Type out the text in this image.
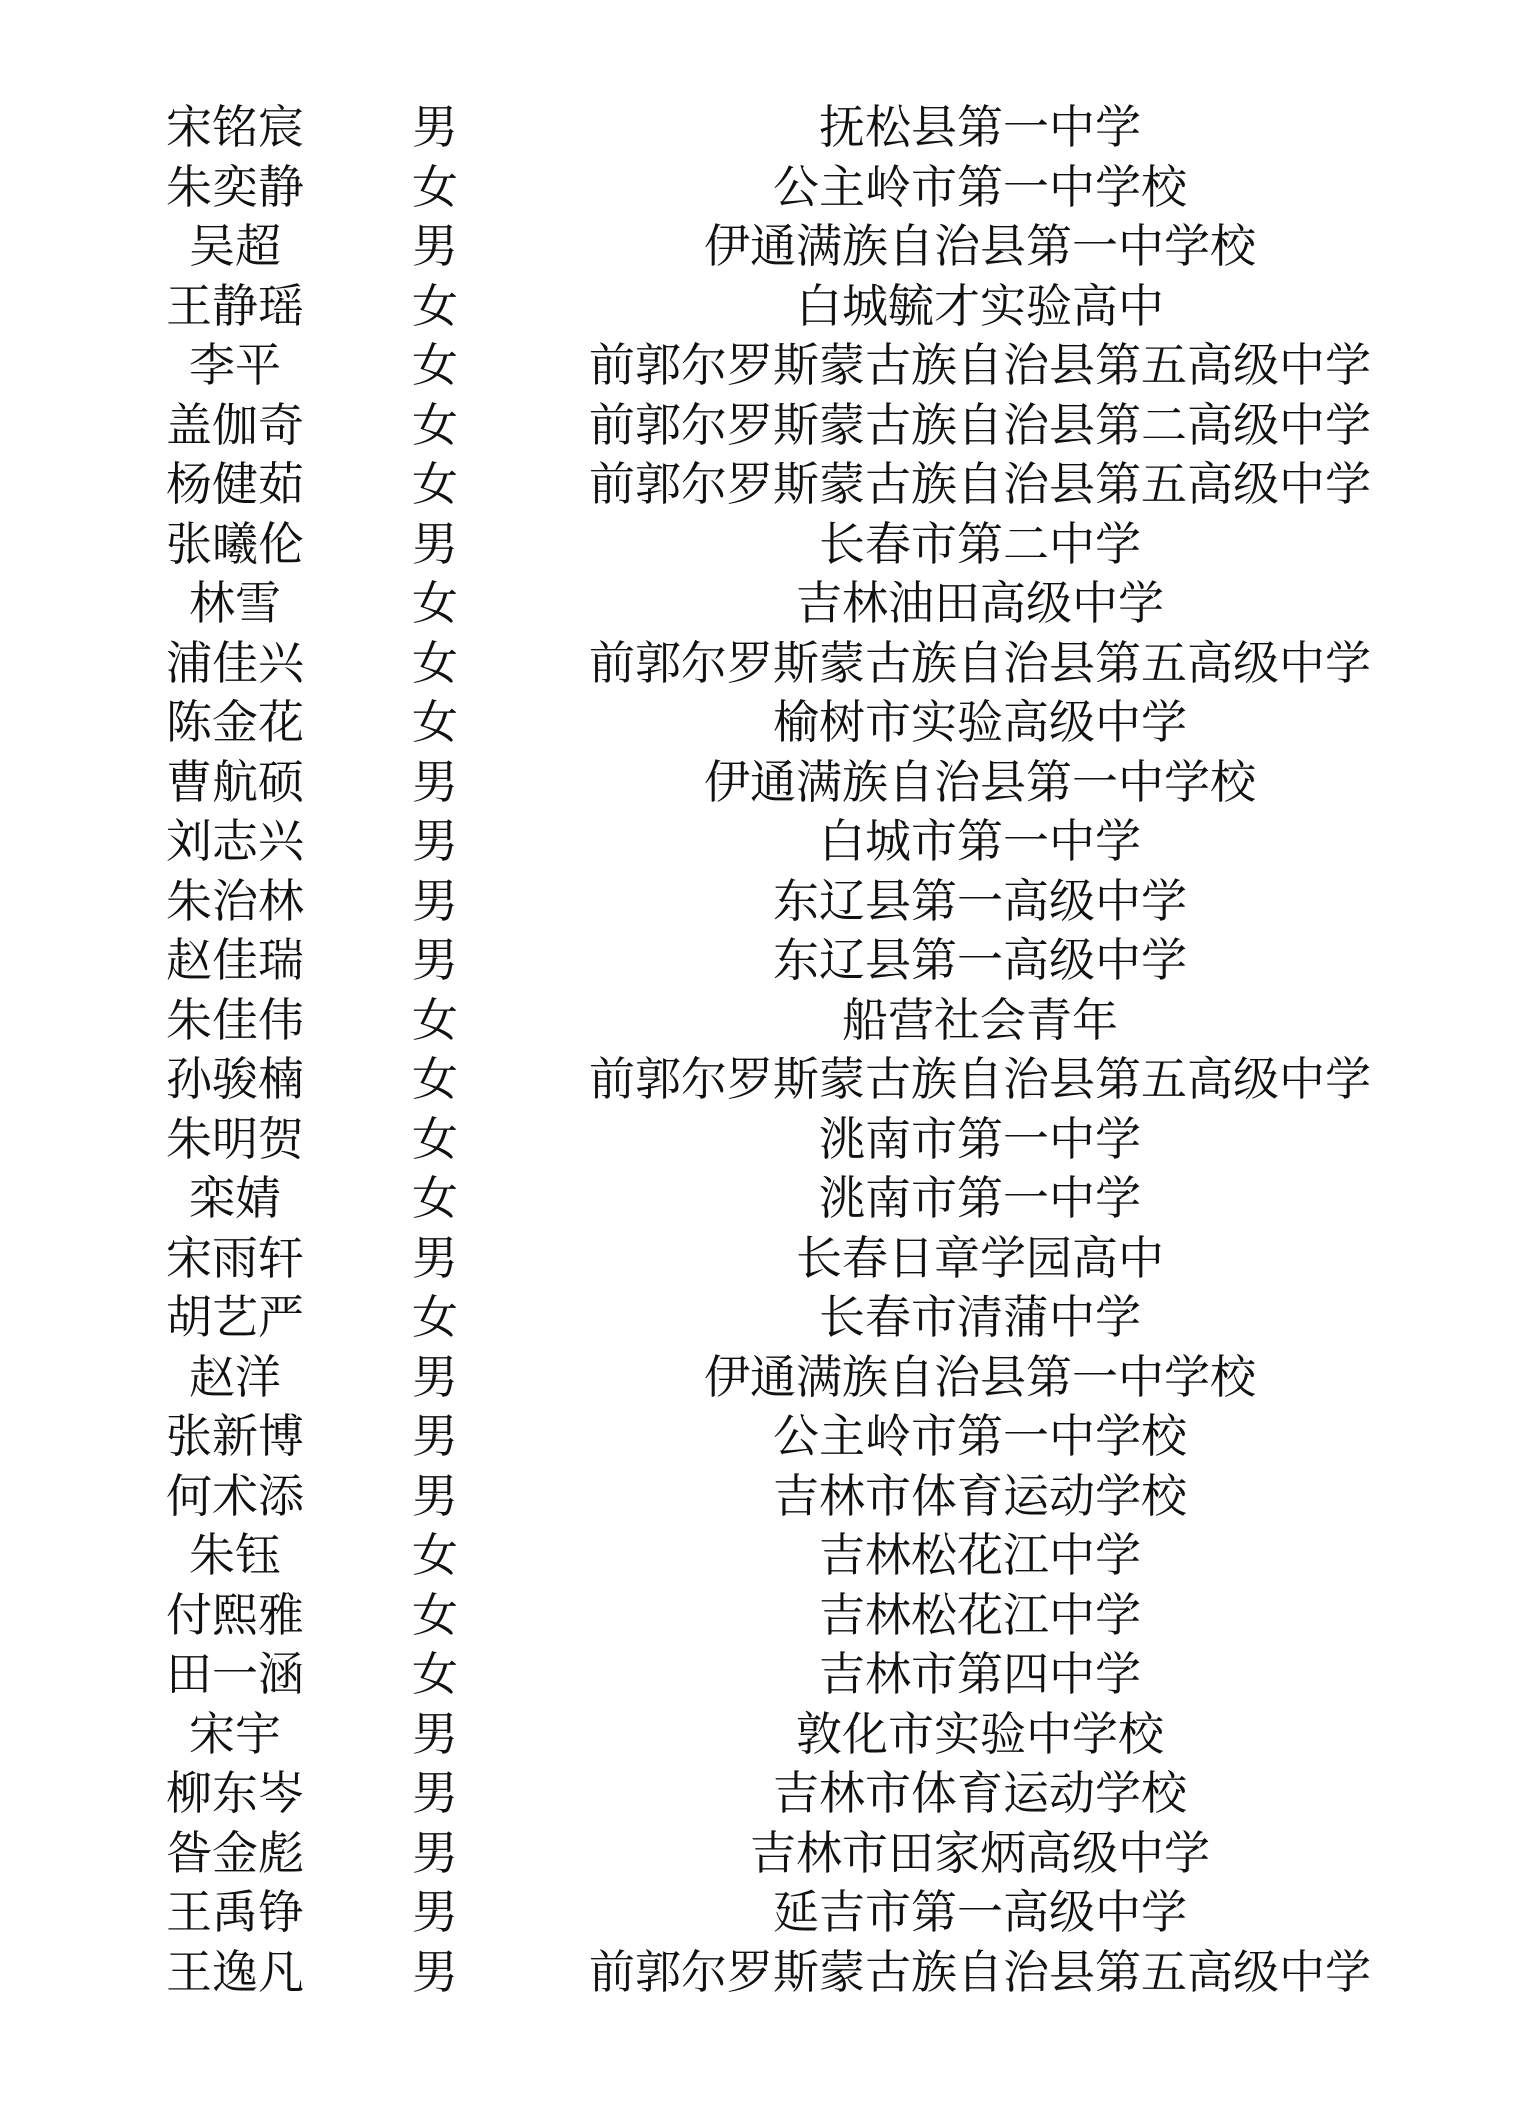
宋铭宸	男	抚松县第一中学
朱奕静	女	公主岭市第一中学校
吴超	男	伊通满族自治县第一中学校
王静瑶	女	白城毓才实验高中
李平	女	前郭尔罗斯蒙古族自治县第五高级中学
盖伽奇	女	前郭尔罗斯蒙古族自治县第二高级中学
杨健茹	女	前郭尔罗斯蒙古族自治县第五高级中学
张曦伦	男	长春市第二中学
林雪	女	吉林油田高级中学
浦佳兴	女	前郭尔罗斯蒙古族自治县第五高级中学
陈金花	女	榆树市实验高级中学
曹航硕	男	伊通满族自治县第一中学校
刘志兴	男	白城市第一中学
朱治林	男	东辽县第一高级中学
赵佳瑞	男	东辽县第一高级中学
朱佳伟	女	船营社会青年
孙骏楠	女	前郭尔罗斯蒙古族自治县第五高级中学
朱明贺	女	洮南市第一中学
栾婧	女	洮南市第一中学
宋雨轩	男	长春日章学园高中
胡艺严	女	长春市清蒲中学
赵洋	男	伊通满族自治县第一中学校
张新博	男	公主岭市第一中学校
何术添	男	吉林市体育运动学校
朱钰	女	吉林松花江中学
付熙雅	女	吉林松花江中学
田一涵	女	吉林市第四中学
宋宇	男	敦化市实验中学校
柳东岑	男	吉林市体育运动学校
昝金彪	男	吉林市田家炳高级中学
王禹铮	男	延吉市第一高级中学
王逸凡	男	前郭尔罗斯蒙古族自治县第五高级中学
